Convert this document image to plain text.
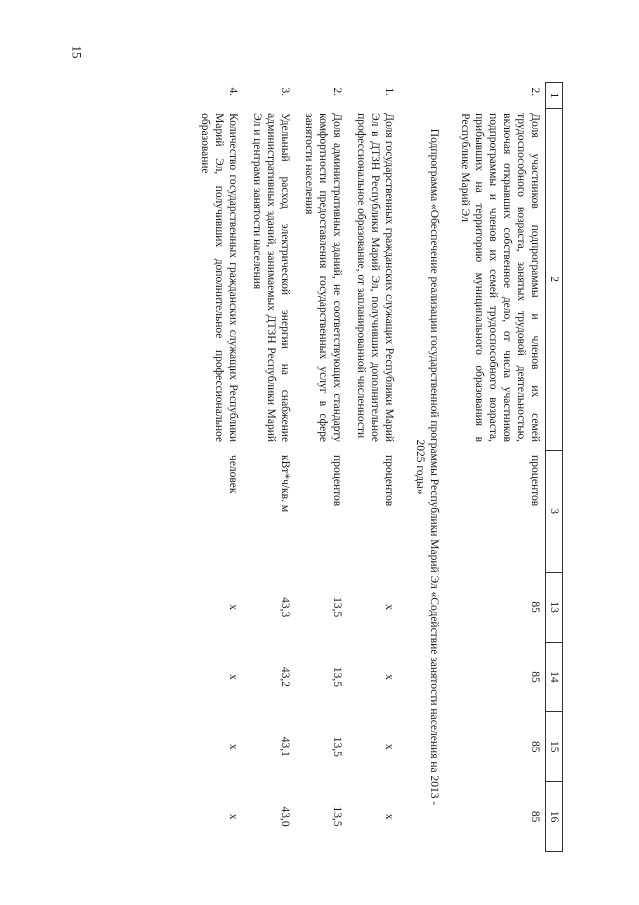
15
1	2	3	13	14	15	16
2.	Доля участников подпрограммы и членов их семей трудоспособного возраста, занятых трудовой деятельностью, включая открывших собственное дело, от числа участников подпрограммы и членов их семей трудоспособного возраста, прибывших на территорию муниципального образования в Республике Марий Эл	процентов	85	85	85	85
Подпрограмма «Обеспечение реализации государственной программы Республики Марий Эл «Содействие занятости населения на 2013 - 2025 годы»						
1.	Доля государственных гражданских служащих Республики Марий Эл в ДТЗН Республики Марий Эл, получивших дополнительное профессиональное образование, от запланированной численности	процентов	х	х	х	х

2.	Доля административных зданий, не соответствующих стандарту комфортности предоставления государственных услуг в сфере занятости населения	процентов	13,5	13,5	13,5	13,5

3.	Удельный расход электрической энергии на снабжение административных зданий, занимаемых ДТЗН Республики Марий Эл и центрами занятости населения	кВт*ч/кв. м	43,3	43,2	43,1	43,0

4.	Количество государственных гражданских служащих Республики Марий Эл, получивших дополнительное профессиональное образование	человек	х	х	х	х
